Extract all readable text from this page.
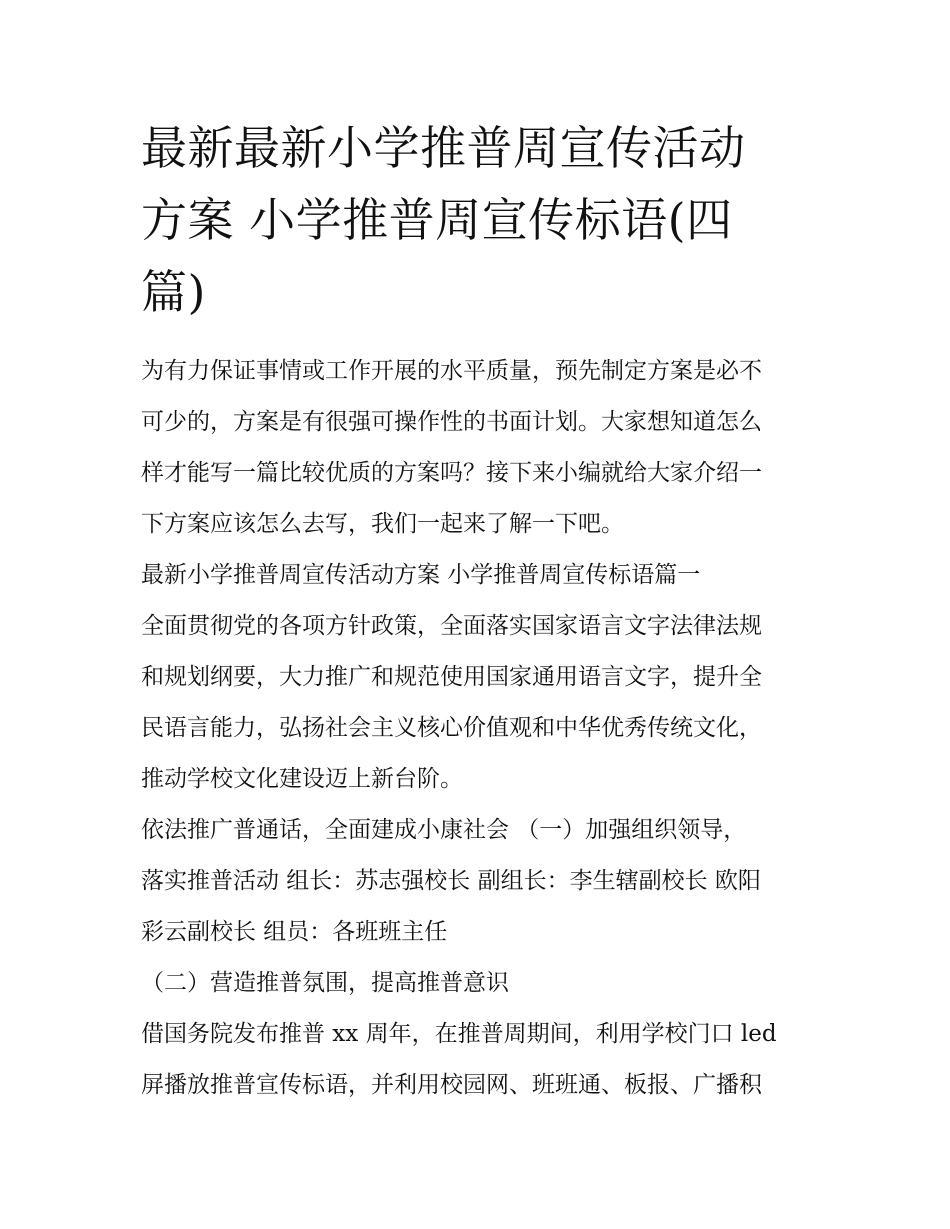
最新最新小学推普周宣传活动
方案 小学推普周宣传标语(四
篇)

为有力保证事情或工作开展的水平质量，预先制定方案是必不
可少的，方案是有很强可操作性的书面计划。大家想知道怎么
样才能写一篇比较优质的方案吗？接下来小编就给大家介绍一
下方案应该怎么去写，我们一起来了解一下吧。

最新小学推普周宣传活动方案 小学推普周宣传标语篇一

全面贯彻党的各项方针政策，全面落实国家语言文字法律法规
和规划纲要，大力推广和规范使用国家通用语言文字，提升全
民语言能力，弘扬社会主义核心价值观和中华优秀传统文化，
推动学校文化建设迈上新台阶。

依法推广普通话，全面建成小康社会 （一）加强组织领导，
落实推普活动 组长：苏志强校长 副组长：李生辖副校长 欧阳
彩云副校长 组员：各班班主任

（二）营造推普氛围，提高推普意识

借国务院发布推普 xx 周年，在推普周期间，利用学校门口 led
屏播放推普宣传标语，并利用校园网、班班通、板报、广播积
